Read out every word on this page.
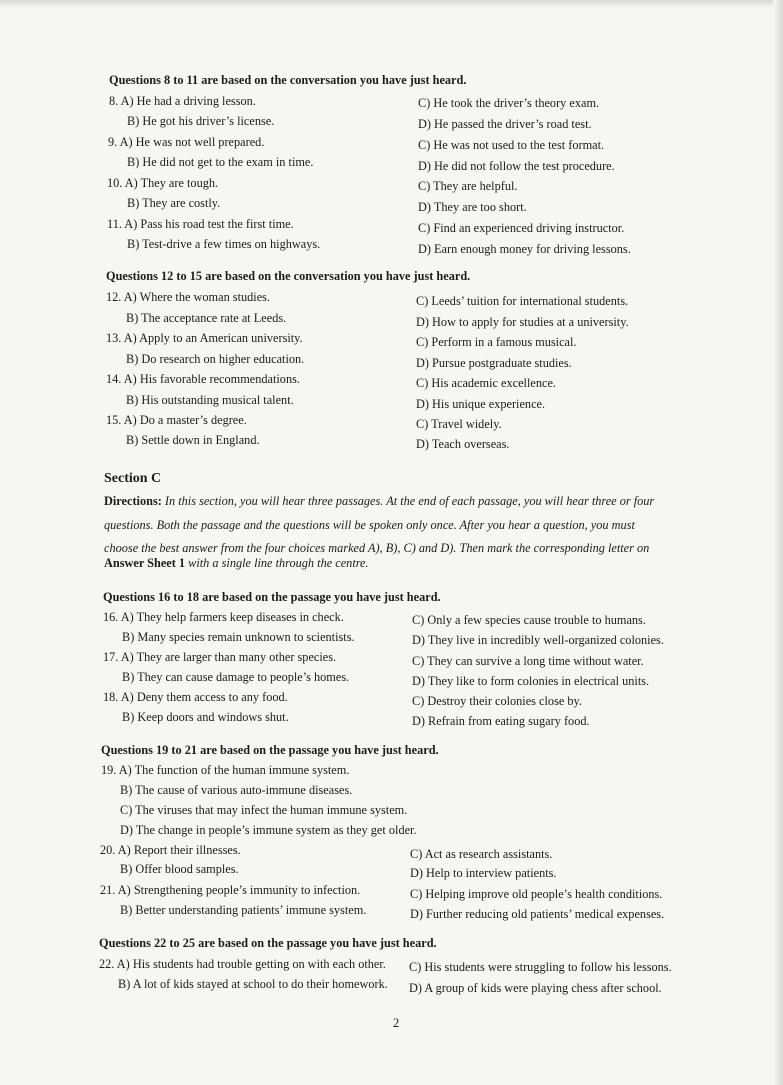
Questions 8 to 11 are based on the conversation you have just heard.
8. A) He had a driving lesson.	C) He took the driver’s theory exam.
B) He got his driver’s license.	D) He passed the driver’s road test.
9. A) He was not well prepared.	C) He was not used to the test format.
B) He did not get to the exam in time.	D) He did not follow the test procedure.
10. A) They are tough.	C) They are helpful.
B) They are costly.	D) They are too short.
11. A) Pass his road test the first time.	C) Find an experienced driving instructor.
B) Test-drive a few times on highways.	D) Earn enough money for driving lessons.
Questions 12 to 15 are based on the conversation you have just heard.
12. A) Where the woman studies.	C) Leeds’ tuition for international students.
B) The acceptance rate at Leeds.	D) How to apply for studies at a university.
13. A) Apply to an American university.	C) Perform in a famous musical.
B) Do research on higher education.	D) Pursue postgraduate studies.
14. A) His favorable recommendations.	C) His academic excellence.
B) His outstanding musical talent.	D) His unique experience.
15. A) Do a master’s degree.	C) Travel widely.
B) Settle down in England.	D) Teach overseas.
Section C
Directions: In this section, you will hear three passages. At the end of each passage, you will hear three or four
questions. Both the passage and the questions will be spoken only once. After you hear a question, you must
choose the best answer from the four choices marked A), B), C) and D). Then mark the corresponding letter on
Answer Sheet 1 with a single line through the centre.
Questions 16 to 18 are based on the passage you have just heard.
16. A) They help farmers keep diseases in check.	C) Only a few species cause trouble to humans.
B) Many species remain unknown to scientists.	D) They live in incredibly well-organized colonies.
17. A) They are larger than many other species.	C) They can survive a long time without water.
B) They can cause damage to people’s homes.	D) They like to form colonies in electrical units.
18. A) Deny them access to any food.	C) Destroy their colonies close by.
B) Keep doors and windows shut.	D) Refrain from eating sugary food.
Questions 19 to 21 are based on the passage you have just heard.
19. A) The function of the human immune system.
B) The cause of various auto-immune diseases.
C) The viruses that may infect the human immune system.
D) The change in people’s immune system as they get older.
20. A) Report their illnesses.	C) Act as research assistants.
B) Offer blood samples.	D) Help to interview patients.
21. A) Strengthening people’s immunity to infection.	C) Helping improve old people’s health conditions.
B) Better understanding patients’ immune system.	D) Further reducing old patients’ medical expenses.
Questions 22 to 25 are based on the passage you have just heard.
22. A) His students had trouble getting on with each other. C) His students were struggling to follow his lessons.
B) A lot of kids stayed at school to do their homework. D) A group of kids were playing chess after school.
2
